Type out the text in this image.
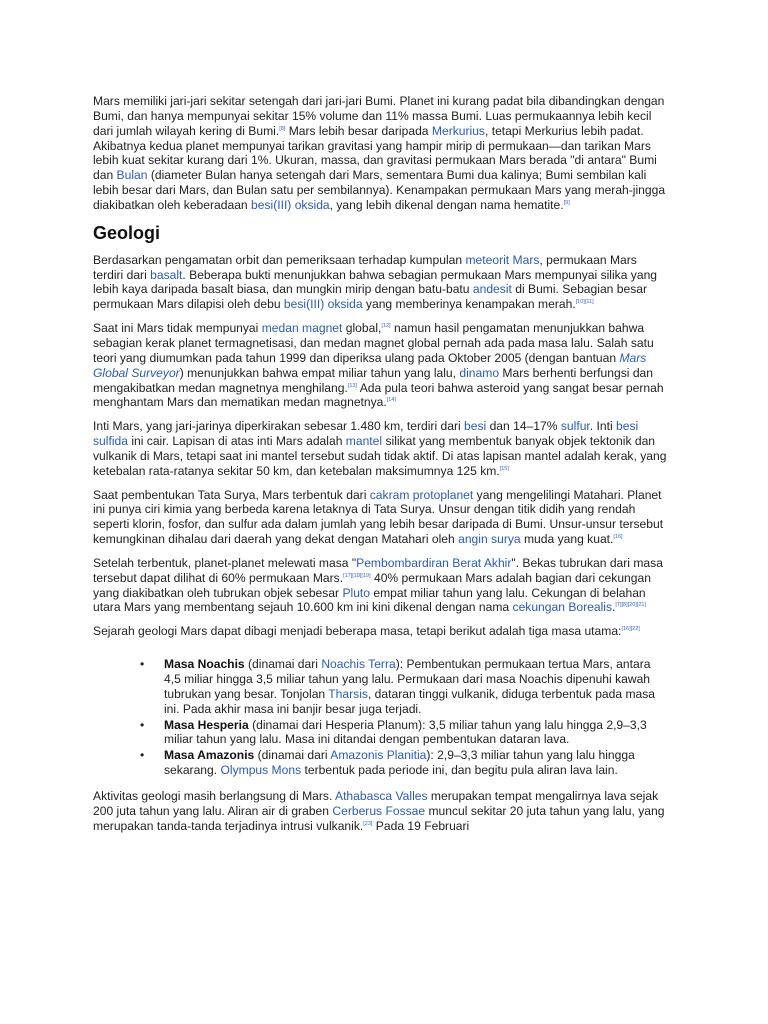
Mars memiliki jari-jari sekitar setengah dari jari-jari Bumi. Planet ini kurang padat bila dibandingkan dengan Bumi, dan hanya mempunyai sekitar 15% volume dan 11% massa Bumi. Luas permukaannya lebih kecil dari jumlah wilayah kering di Bumi.[8] Mars lebih besar daripada Merkurius, tetapi Merkurius lebih padat. Akibatnya kedua planet mempunyai tarikan gravitasi yang hampir mirip di permukaan—dan tarikan Mars lebih kuat sekitar kurang dari 1%. Ukuran, massa, dan gravitasi permukaan Mars berada "di antara" Bumi dan Bulan (diameter Bulan hanya setengah dari Mars, sementara Bumi dua kalinya; Bumi sembilan kali lebih besar dari Mars, dan Bulan satu per sembilannya). Kenampakan permukaan Mars yang merah-jingga diakibatkan oleh keberadaan besi(III) oksida, yang lebih dikenal dengan nama hematite.[9]

Geologi

Berdasarkan pengamatan orbit dan pemeriksaan terhadap kumpulan meteorit Mars, permukaan Mars terdiri dari basalt. Beberapa bukti menunjukkan bahwa sebagian permukaan Mars mempunyai silika yang lebih kaya daripada basalt biasa, dan mungkin mirip dengan batu-batu andesit di Bumi. Sebagian besar permukaan Mars dilapisi oleh debu besi(III) oksida yang memberinya kenampakan merah.[10][11]

Saat ini Mars tidak mempunyai medan magnet global,[12] namun hasil pengamatan menunjukkan bahwa sebagian kerak planet termagnetisasi, dan medan magnet global pernah ada pada masa lalu. Salah satu teori yang diumumkan pada tahun 1999 dan diperiksa ulang pada Oktober 2005 (dengan bantuan Mars Global Surveyor) menunjukkan bahwa empat miliar tahun yang lalu, dinamo Mars berhenti berfungsi dan mengakibatkan medan magnetnya menghilang.[13] Ada pula teori bahwa asteroid yang sangat besar pernah menghantam Mars dan mematikan medan magnetnya.[14]

Inti Mars, yang jari-jarinya diperkirakan sebesar 1.480 km, terdiri dari besi dan 14–17% sulfur. Inti besi sulfida ini cair. Lapisan di atas inti Mars adalah mantel silikat yang membentuk banyak objek tektonik dan vulkanik di Mars, tetapi saat ini mantel tersebut sudah tidak aktif. Di atas lapisan mantel adalah kerak, yang ketebalan rata-ratanya sekitar 50 km, dan ketebalan maksimumnya 125 km.[15]

Saat pembentukan Tata Surya, Mars terbentuk dari cakram protoplanet yang mengelilingi Matahari. Planet ini punya ciri kimia yang berbeda karena letaknya di Tata Surya. Unsur dengan titik didih yang rendah seperti klorin, fosfor, dan sulfur ada dalam jumlah yang lebih besar daripada di Bumi. Unsur-unsur tersebut kemungkinan dihalau dari daerah yang dekat dengan Matahari oleh angin surya muda yang kuat.[16]

Setelah terbentuk, planet-planet melewati masa "Pembombardiran Berat Akhir". Bekas tubrukan dari masa tersebut dapat dilihat di 60% permukaan Mars.[17][18][19] 40% permukaan Mars adalah bagian dari cekungan yang diakibatkan oleh tubrukan objek sebesar Pluto empat miliar tahun yang lalu. Cekungan di belahan utara Mars yang membentang sejauh 10.600 km ini kini dikenal dengan nama cekungan Borealis.[7][8][20][21]

Sejarah geologi Mars dapat dibagi menjadi beberapa masa, tetapi berikut adalah tiga masa utama:[16][22]

• Masa Noachis (dinamai dari Noachis Terra): Pembentukan permukaan tertua Mars, antara 4,5 miliar hingga 3,5 miliar tahun yang lalu. Permukaan dari masa Noachis dipenuhi kawah tubrukan yang besar. Tonjolan Tharsis, dataran tinggi vulkanik, diduga terbentuk pada masa ini. Pada akhir masa ini banjir besar juga terjadi.
• Masa Hesperia (dinamai dari Hesperia Planum): 3,5 miliar tahun yang lalu hingga 2,9–3,3 miliar tahun yang lalu. Masa ini ditandai dengan pembentukan dataran lava.
• Masa Amazonis (dinamai dari Amazonis Planitia): 2,9–3,3 miliar tahun yang lalu hingga sekarang. Olympus Mons terbentuk pada periode ini, dan begitu pula aliran lava lain.

Aktivitas geologi masih berlangsung di Mars. Athabasca Valles merupakan tempat mengalirnya lava sejak 200 juta tahun yang lalu. Aliran air di graben Cerberus Fossae muncul sekitar 20 juta tahun yang lalu, yang merupakan tanda-tanda terjadinya intrusi vulkanik.[23] Pada 19 Februari
